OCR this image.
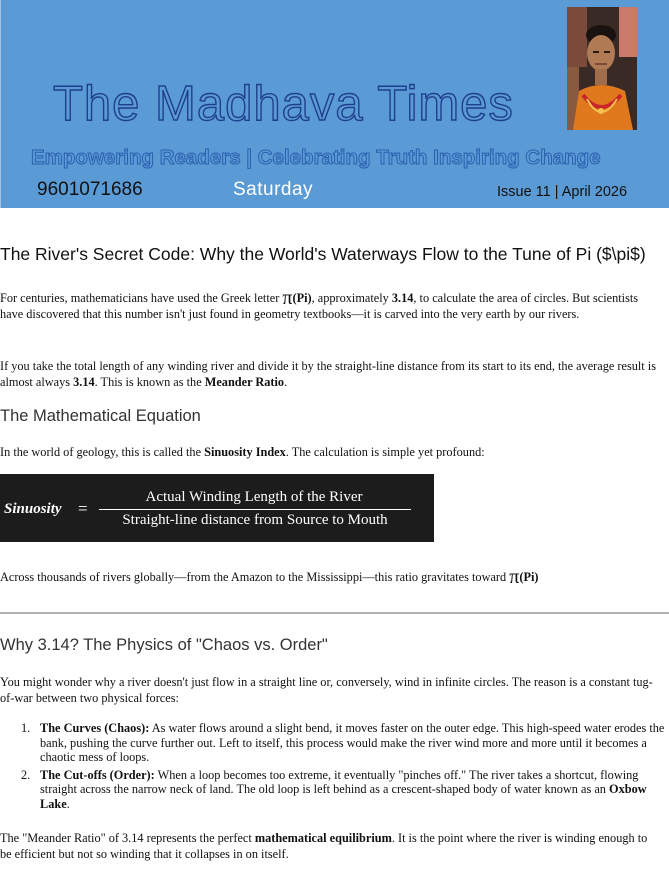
The Madhava Times
Empowering Readers | Celebrating Truth Inspiring Change
9601071686	Saturday	Issue 11 | April 2026
The River's Secret Code: Why the World's Waterways Flow to the Tune of Pi ($\pi$)

For centuries, mathematicians have used the Greek letter π(Pi), approximately 3.14, to calculate the area of circles. But scientists have discovered that this number isn't just found in geometry textbooks—it is carved into the very earth by our rivers.

If you take the total length of any winding river and divide it by the straight-line distance from its start to its end, the average result is almost always 3.14. This is known as the Meander Ratio.

The Mathematical Equation

In the world of geology, this is called the Sinuosity Index. The calculation is simple yet profound:

Sinuosity =
Actual Winding Length of the River
Straight-line distance from Source to Mouth

Across thousands of rivers globally—from the Amazon to the Mississippi—this ratio gravitates toward π(Pi)

Why 3.14? The Physics of "Chaos vs. Order"

You might wonder why a river doesn't just flow in a straight line or, conversely, wind in infinite circles. The reason is a constant tug-of-war between two physical forces:

1. The Curves (Chaos): As water flows around a slight bend, it moves faster on the outer edge. This high-speed water erodes the bank, pushing the curve further out. Left to itself, this process would make the river wind more and more until it becomes a chaotic mess of loops.
2. The Cut-offs (Order): When a loop becomes too extreme, it eventually "pinches off." The river takes a shortcut, flowing straight across the narrow neck of land. The old loop is left behind as a crescent-shaped body of water known as an Oxbow Lake.

The "Meander Ratio" of 3.14 represents the perfect mathematical equilibrium. It is the point where the river is winding enough to be efficient but not so winding that it collapses in on itself.
